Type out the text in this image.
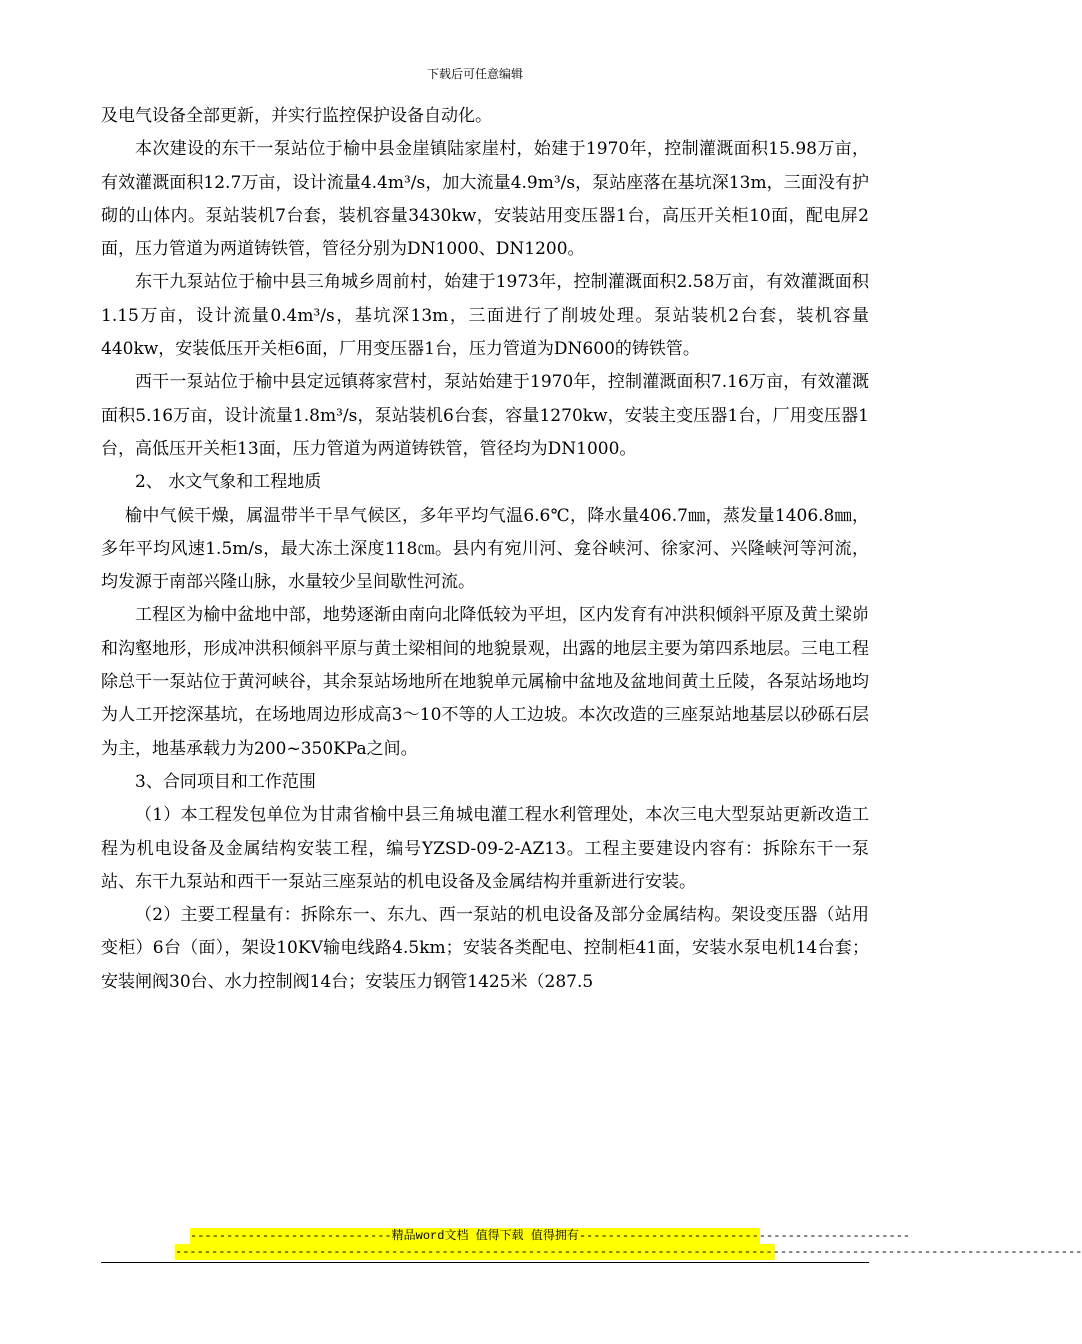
下载后可任意编辑

及电气设备全部更新，并实行监控保护设备自动化。

本次建设的东干一泵站位于榆中县金崖镇陆家崖村，始建于1970年，控制灌溉面积15.98万亩，有效灌溉面积12.7万亩，设计流量4.4m³/s，加大流量4.9m³/s，泵站座落在基坑深13m，三面没有护砌的山体内。泵站装机7台套，装机容量3430kw，安装站用变压器1台，高压开关柜10面，配电屏2面，压力管道为两道铸铁管，管径分别为DN1000、DN1200。

东干九泵站位于榆中县三角城乡周前村，始建于1973年，控制灌溉面积2.58万亩，有效灌溉面积1.15万亩，设计流量0.4m³/s，基坑深13m，三面进行了削坡处理。泵站装机2台套，装机容量440kw，安装低压开关柜6面，厂用变压器1台，压力管道为DN600的铸铁管。

西干一泵站位于榆中县定远镇蒋家营村，泵站始建于1970年，控制灌溉面积7.16万亩，有效灌溉面积5.16万亩，设计流量1.8m³/s，泵站装机6台套，容量1270kw，安装主变压器1台，厂用变压器1台，高低压开关柜13面，压力管道为两道铸铁管，管径均为DN1000。

2、 水文气象和工程地质

榆中气候干燥，属温带半干旱气候区，多年平均气温6.6℃，降水量406.7㎜，蒸发量1406.8㎜，多年平均风速1.5m/s，最大冻土深度118㎝。县内有宛川河、龛谷峡河、徐家河、兴隆峡河等河流，均发源于南部兴隆山脉，水量较少呈间歇性河流。

工程区为榆中盆地中部，地势逐渐由南向北降低较为平坦，区内发育有冲洪积倾斜平原及黄土梁峁和沟壑地形，形成冲洪积倾斜平原与黄土梁相间的地貌景观，出露的地层主要为第四系地层。三电工程除总干一泵站位于黄河峡谷，其余泵站场地所在地貌单元属榆中盆地及盆地间黄土丘陵，各泵站场地均为人工开挖深基坑，在场地周边形成高3～10不等的人工边坡。本次改造的三座泵站地基层以砂砾石层为主，地基承载力为200~350KPa之间。

3、合同项目和工作范围

（1）本工程发包单位为甘肃省榆中县三角城电灌工程水利管理处，本次三电大型泵站更新改造工程为机电设备及金属结构安装工程，编号YZSD-09-2-AZ13。工程主要建设内容有：拆除东干一泵站、东干九泵站和西干一泵站三座泵站的机电设备及金属结构并重新进行安装。

（2）主要工程量有：拆除东一、东九、西一泵站的机电设备及部分金属结构。架设变压器（站用变柜）6台（面），架设10KV输电线路4.5km；安装各类配电、控制柜41面，安装水泵电机14台套；安装闸阀30台、水力控制阀14台；安装压力钢管1425米（287.5

----------------------------精品word文档 值得下载 值得拥有----------------------------------------------
------------------------------------------------------------------------------------------------------------------------------
